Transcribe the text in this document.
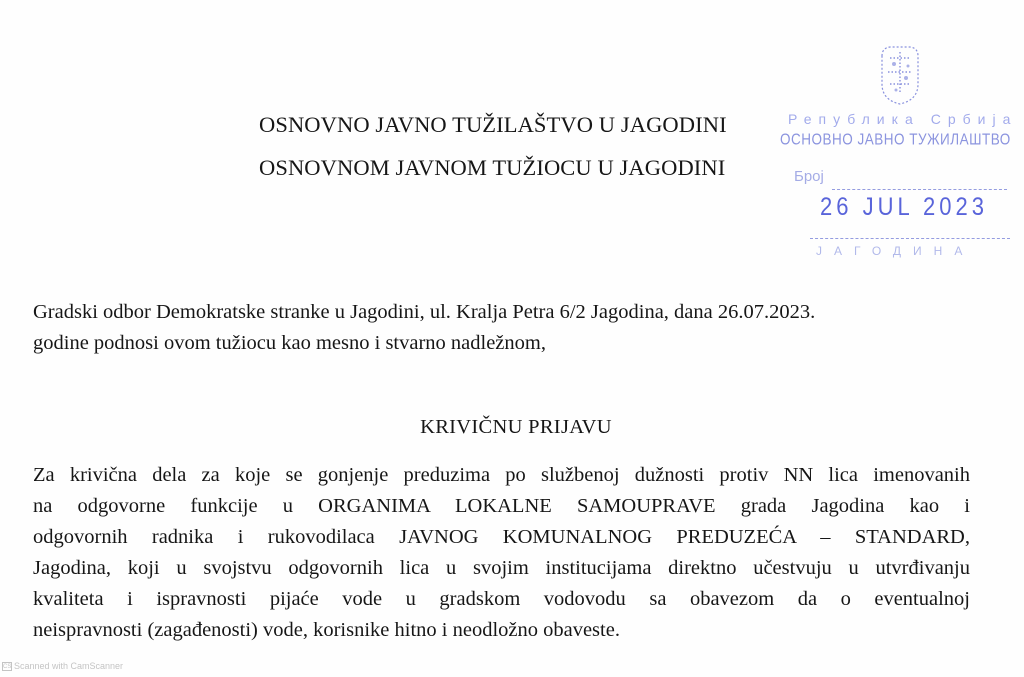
OSNOVNO JAVNO TUŽILAŠTVO U JAGODINI
OSNOVNOM JAVNOM TUŽIOCU U JAGODINI
Република Србија
ОСНОВНО ЈАВНО ТУЖИЛАШТВО
Број
26 JUL 2023
ЈАГОДИНА
Gradski odbor Demokratske stranke u Jagodini, ul. Kralja Petra 6/2 Jagodina, dana 26.07.2023.
godine podnosi ovom tužiocu kao mesno i stvarno nadležnom,
KRIVIČNU PRIJAVU
Za krivična dela za koje se gonjenje preduzima po službenoj dužnosti protiv NN lica imenovanih
na odgovorne funkcije u ORGANIMA LOKALNE SAMOUPRAVE grada Jagodina kao i
odgovornih radnika i rukovodilaca JAVNOG KOMUNALNOG PREDUZEĆA – STANDARD,
Jagodina, koji u svojstvu odgovornih lica u svojim institucijama direktno učestvuju u utvrđivanju
kvaliteta i ispravnosti pijaće vode u gradskom vodovodu sa obavezom da o eventualnoj
neispravnosti (zagađenosti) vode, korisnike hitno i neodložno obaveste.
CS Scanned with CamScanner
